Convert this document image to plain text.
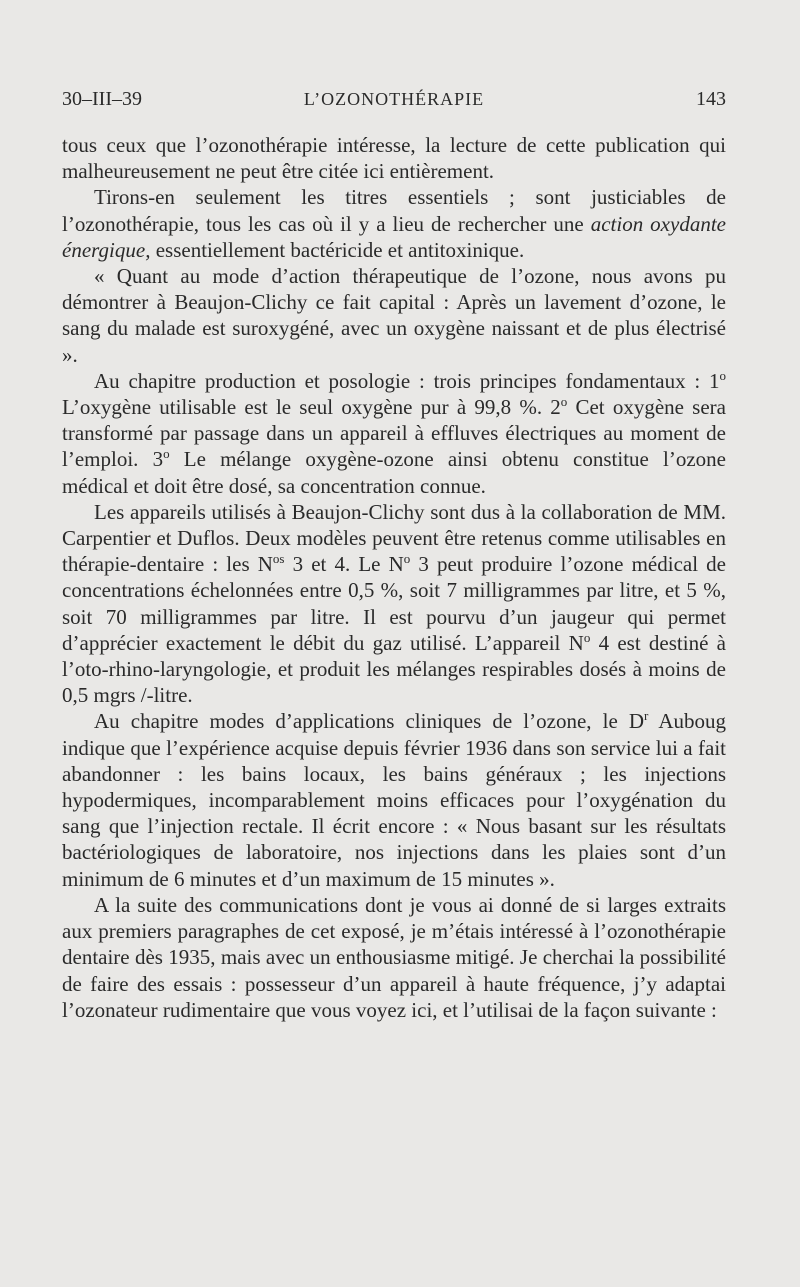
30–III–39	L’OZONOTHÉRAPIE	143

tous ceux que l’ozonothérapie intéresse, la lecture de cette publication qui malheureusement ne peut être citée ici entièrement.

Tirons-en seulement les titres essentiels ; sont justiciables de l’ozonothérapie, tous les cas où il y a lieu de rechercher une action oxydante énergique, essentiellement bactéricide et antitoxinique.

« Quant au mode d’action thérapeutique de l’ozone, nous avons pu démontrer à Beaujon-Clichy ce fait capital : Après un lavement d’ozone, le sang du malade est suroxygéné, avec un oxygène naissant et de plus électrisé ».

Au chapitre production et posologie : trois principes fondamentaux : 1$^o$ L’oxygène utilisable est le seul oxygène pur à 99,8 %. 2$^o$ Cet oxygène sera transformé par passage dans un appareil à effluves électriques au moment de l’emploi. 3$^o$ Le mélange oxygène-ozone ainsi obtenu constitue l’ozone médical et doit être dosé, sa concentration connue.

Les appareils utilisés à Beaujon-Clichy sont dus à la collaboration de MM. Carpentier et Duflos. Deux modèles peuvent être retenus comme utilisables en thérapie-dentaire : les $N^{os}$ 3 et 4. Le $N^o$ 3 peut produire l’ozone médical de concentrations échelonnées entre 0,5 %, soit 7 milligrammes par litre, et 5 %, soit 70 milligrammes par litre. Il est pourvu d’un jaugeur qui permet d’apprécier exactement le débit du gaz utilisé. L’appareil $N^o$ 4 est destiné à l’oto-rhino-laryngologie, et produit les mélanges respirables dosés à moins de 0,5 mgrs /-litre.

Au chapitre modes d’applications cliniques de l’ozone, le $D^r$ Auboug indique que l’expérience acquise depuis février 1936 dans son service lui a fait abandonner : les bains locaux, les bains généraux ; les injections hypodermiques, incomparablement moins efficaces pour l’oxygénation du sang que l’injection rectale. Il écrit encore : « Nous basant sur les résultats bactériologiques de laboratoire, nos injections dans les plaies sont d’un minimum de 6 minutes et d’un maximum de 15 minutes ».

A la suite des communications dont je vous ai donné de si larges extraits aux premiers paragraphes de cet exposé, je m’étais intéressé à l’ozonothérapie dentaire dès 1935, mais avec un enthousiasme mitigé. Je cherchai la possibilité de faire des essais : possesseur d’un appareil à haute fréquence, j’y adaptai l’ozonateur rudimentaire que vous voyez ici, et l’utilisai de la façon suivante :
